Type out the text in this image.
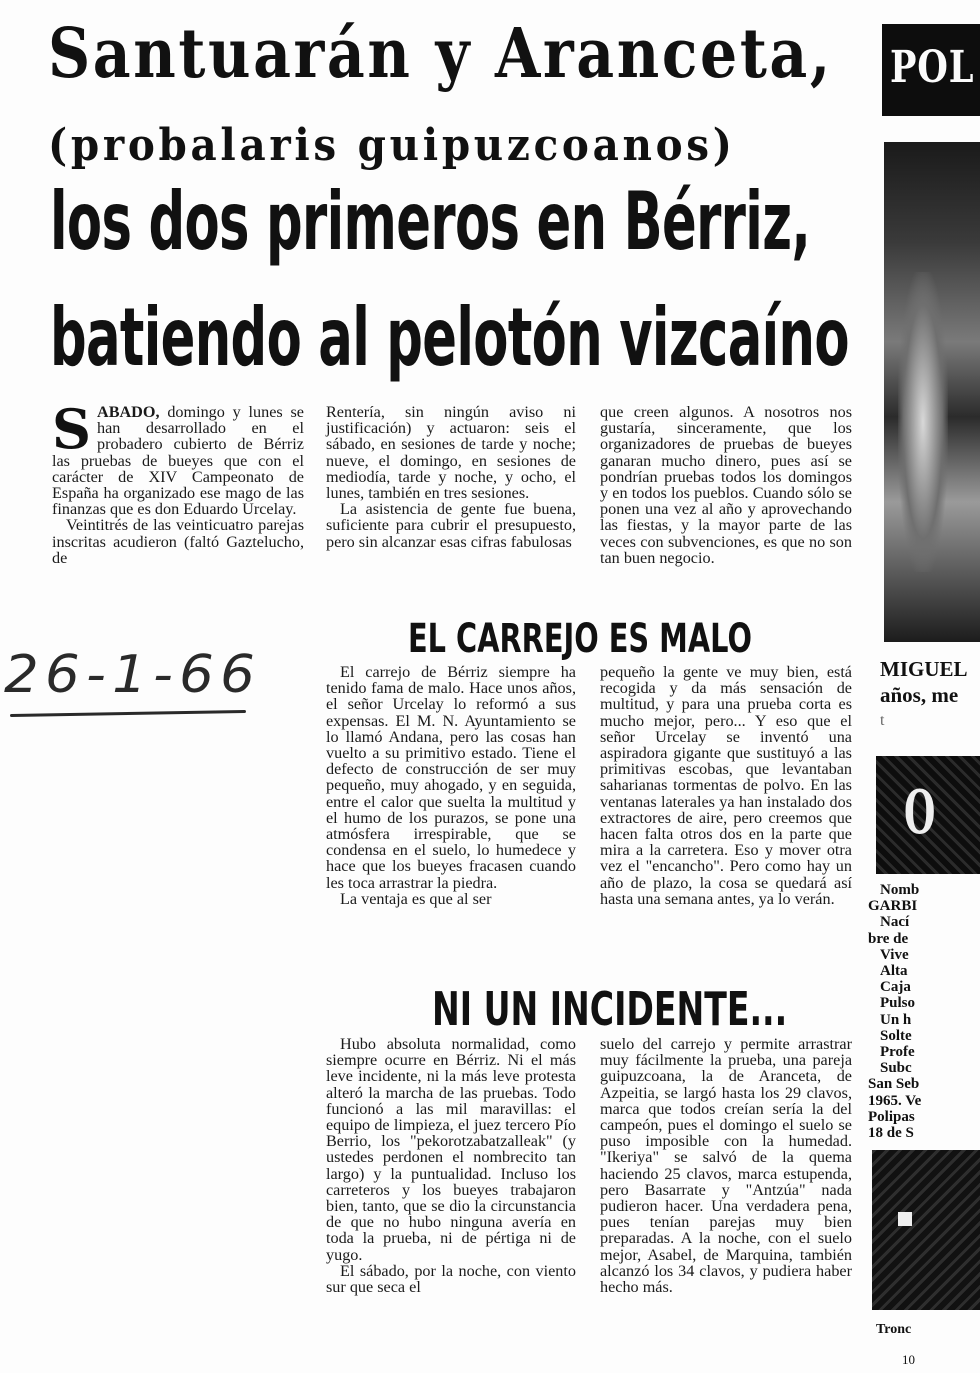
Santuarán y Aranceta,
(probalaris guipuzcoanos)
los dos primeros en Bérriz,
batiendo al pelotón vizcaíno

SABADO, domingo y lunes se han desarrollado en el probadero cubierto de Bérriz las pruebas de bueyes que con el carácter de XIV Campeonato de España ha organizado ese mago de las finanzas que es don Eduardo Urcelay.

Veintitrés de las veinticuatro parejas inscritas acudieron (faltó Gaztelucho, de

Rentería, sin ningún aviso ni justificación) y actuaron: seis el sábado, en sesiones de tarde y noche; nueve, el domingo, en sesiones de mediodía, tarde y noche, y ocho, el lunes, también en tres sesiones.

La asistencia de gente fue buena, suficiente para cubrir el presupuesto, pero sin alcanzar esas cifras fabulosas

que creen algunos. A nosotros nos gustaría, sinceramente, que los organizadores de pruebas de bueyes ganaran mucho dinero, pues así se pondrían pruebas todos los domingos y en todos los pueblos. Cuando sólo se ponen una vez al año y aprovechando las fiestas, y la mayor parte de las veces con subvenciones, es que no son tan buen negocio.

26-1-66
EL CARREJO ES MALO

El carrejo de Bérriz siempre ha tenido fama de malo. Hace unos años, el señor Urcelay lo reformó a sus expensas. El M. N. Ayuntamiento se lo llamó Andana, pero las cosas han vuelto a su primitivo estado. Tiene el defecto de construcción de ser muy pequeño, muy ahogado, y en seguida, entre el calor que suelta la multitud y el humo de los purazos, se pone una atmósfera irrespirable, que se condensa en el suelo, lo humedece y hace que los bueyes fracasen cuando les toca arrastrar la piedra.

La ventaja es que al ser

pequeño la gente ve muy bien, está recogida y da más sensación de multitud, y para una prueba corta es mucho mejor, pero... Y eso que el señor Urcelay se inventó una aspiradora gigante que sustituyó a las primitivas escobas, que levantaban saharianas tormentas de polvo. En las ventanas laterales ya han instalado dos extractores de aire, pero creemos que hacen falta otros dos en la parte que mira a la carretera. Eso y mover otra vez el "encancho". Pero como hay un año de plazo, la cosa se quedará así hasta una semana antes, ya lo verán.

NI UN INCIDENTE...

Hubo absoluta normalidad, como siempre ocurre en Bérriz. Ni el más leve incidente, ni la más leve protesta alteró la marcha de las pruebas. Todo funcionó a las mil maravillas: el equipo de limpieza, el juez tercero Pío Berrio, los "pekorotzabatzalleak" (y ustedes perdonen el nombrecito tan largo) y la puntualidad. Incluso los carreteros y los bueyes trabajaron bien, tanto, que se dio la circunstancia de que no hubo ninguna avería en toda la prueba, ni de pértiga ni de yugo.

El sábado, por la noche, con viento sur que seca el

suelo del carrejo y permite arrastrar muy fácilmente la prueba, una pareja guipuzcoana, la de Aranceta, de Azpeitia, se largó hasta los 29 clavos, marca que todos creían sería la del campeón, pues el domingo el suelo se puso imposible con la humedad. "Ikeriya" se salvó de la quema haciendo 25 clavos, marca estupenda, pero Basarrate y "Antzúa" nada pudieron hacer. Una verdadera pena, pues tenían parejas muy bien preparadas. A la noche, con el suelo mejor, Asabel, de Marquina, también alcanzó los 34 clavos, y pudiera haber hecho más.

POL
MIGUEL
años, me
t
O
Nomb
GARBI
Nací
bre de
Vive
Alta
Caja
Pulso
Un h
Solte
Profe
Subc
San Seb
1965. Ve
Polipas
18 de S
Tronc
10
